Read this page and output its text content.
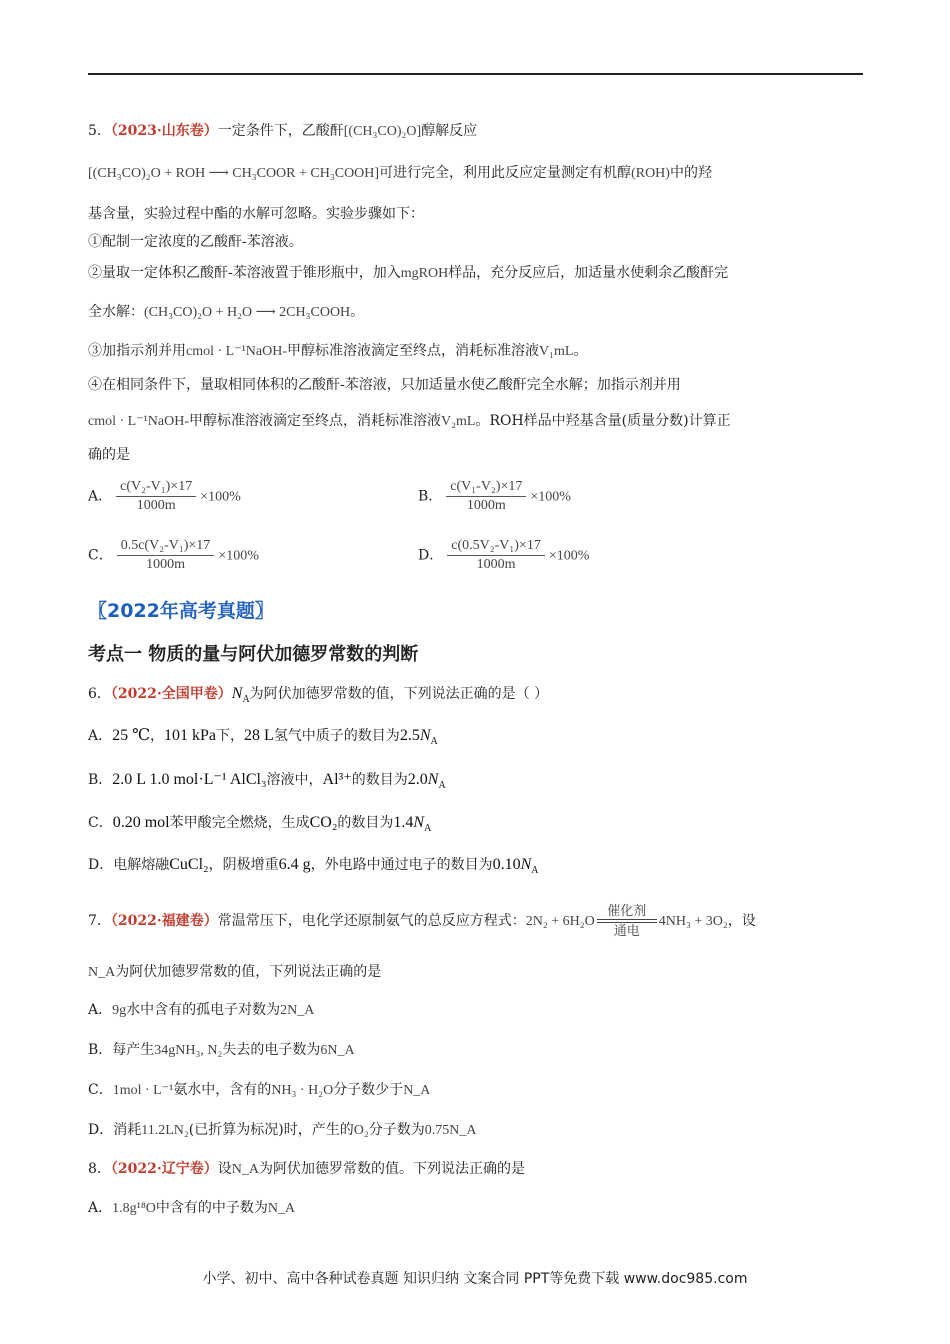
5．（2023·山东卷）一定条件下，乙酸酐[(CH₃CO)₂O]醇解反应
[(CH₃CO)₂O + ROH ⟶ CH₃COOR + CH₃COOH]可进行完全，利用此反应定量测定有机醇(ROH)中的羟
基含量，实验过程中酯的水解可忽略。实验步骤如下：
①配制一定浓度的乙酸酐-苯溶液。
②量取一定体积乙酸酐-苯溶液置于锥形瓶中，加入mgROH样品，充分反应后，加适量水使剩余乙酸酐完
全水解：(CH₃CO)₂O + H₂O ⟶ 2CH₃COOH。
③加指示剂并用cmol · L⁻¹NaOH-甲醇标准溶液滴定至终点，消耗标准溶液V₁mL。
④在相同条件下，量取相同体积的乙酸酐-苯溶液，只加适量水使乙酸酐完全水解；加指示剂并用
cmol · L⁻¹NaOH-甲醇标准溶液滴定至终点，消耗标准溶液V₂mL。ROH样品中羟基含量(质量分数)计算正
确的是
A． $\frac{\text{c(V₂-V₁)×17}}{1000m} \times 100\%$	B． $\frac{\text{c(V₁-V₂)×17}}{1000m} \times 100\%$
C． $\frac{\text{0.5c(V₂-V₁)×17}}{1000m} \times 100\%$	D． $\frac{\text{c(0.5V₂-V₁)×17}}{1000m} \times 100\%$
〖2022年高考真题〗
考点一 物质的量与阿伏加德罗常数的判断
6．（2022·全国甲卷）$N_A$为阿伏加德罗常数的值，下列说法正确的是（ ）
A．25 ℃，101 kPa下，28 L氢气中质子的数目为$2.5N_A$
B．2.0 L 1.0 mol·L⁻¹ AlCl₃溶液中，Al³⁺的数目为$2.0N_A$
C．0.20 mol苯甲酸完全燃烧，生成CO₂的数目为$1.4N_A$
D．电解熔融CuCl₂，阴极增重6.4 g，外电路中通过电子的数目为$0.10N_A$
7．（2022·福建卷）常温常压下，电化学还原制氨气的总反应方程式：2N₂ + 6H₂O
催化剂
通电
4NH₃ + 3O₂，设
N_A为阿伏加德罗常数的值，下列说法正确的是
A．9g水中含有的孤电子对数为2N_A
B．每产生34gNH₃, N₂失去的电子数为6N_A
C．1mol · L⁻¹氨水中，含有的NH₃ · H₂O分子数少于N_A
D．消耗11.2LN₂(已折算为标况)时，产生的O₂分子数为0.75N_A
8．（2022·辽宁卷）设N_A为阿伏加德罗常数的值。下列说法正确的是
A．1.8g¹⁸O中含有的中子数为N_A
小学、初中、高中各种试卷真题 知识归纳 文案合同 PPT等免费下载 www.doc985.com
